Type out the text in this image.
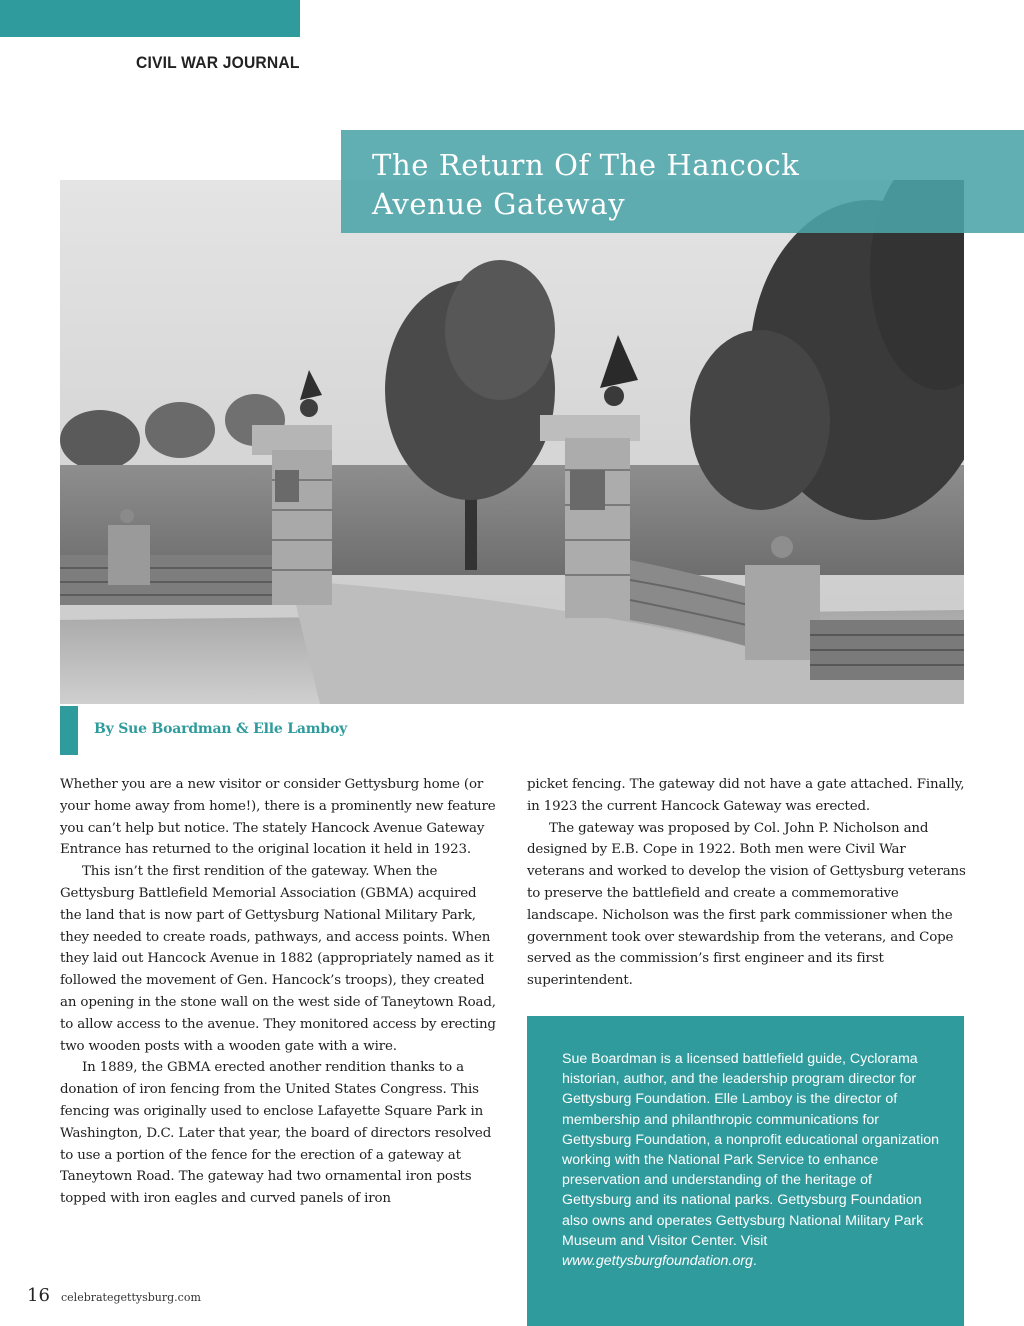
CIVIL WAR JOURNAL
The Return Of The Hancock Avenue Gateway
By Sue Boardman & Elle Lamboy

Whether you are a new visitor or consider Gettysburg home (or your home away from home!), there is a prominently new feature you can’t help but notice. The stately Hancock Avenue Gateway Entrance has returned to the original location it held in 1923.

This isn’t the first rendition of the gateway. When the Gettysburg Battlefield Memorial Association (GBMA) acquired the land that is now part of Gettysburg National Military Park, they needed to create roads, pathways, and access points. When they laid out Hancock Avenue in 1882 (appropriately named as it followed the movement of Gen. Hancock’s troops), they created an opening in the stone wall on the west side of Taneytown Road, to allow access to the avenue. They monitored access by erecting two wooden posts with a wooden gate with a wire.

In 1889, the GBMA erected another rendition thanks to a donation of iron fencing from the United States Congress. This fencing was originally used to enclose Lafayette Square Park in Washington, D.C. Later that year, the board of directors resolved to use a portion of the fence for the erection of a gateway at Taneytown Road. The gateway had two ornamental iron posts topped with iron eagles and curved panels of iron

picket fencing. The gateway did not have a gate attached. Finally, in 1923 the current Hancock Gateway was erected.

The gateway was proposed by Col. John P. Nicholson and designed by E.B. Cope in 1922. Both men were Civil War veterans and worked to develop the vision of Gettysburg veterans to preserve the battlefield and create a commemorative landscape. Nicholson was the first park commissioner when the government took over stewardship from the veterans, and Cope served as the commission’s first engineer and its first superintendent.

Sue Boardman is a licensed battlefield guide, Cyclorama historian, author, and the leadership program director for Gettysburg Foundation. Elle Lamboy is the director of membership and philanthropic communications for Gettysburg Foundation, a nonprofit educational organization working with the National Park Service to enhance preservation and understanding of the heritage of Gettysburg and its national parks. Gettysburg Foundation also owns and operates Gettysburg National Military Park Museum and Visitor Center. Visit www.gettysburgfoundation.org.

16 celebrategettysburg.com
